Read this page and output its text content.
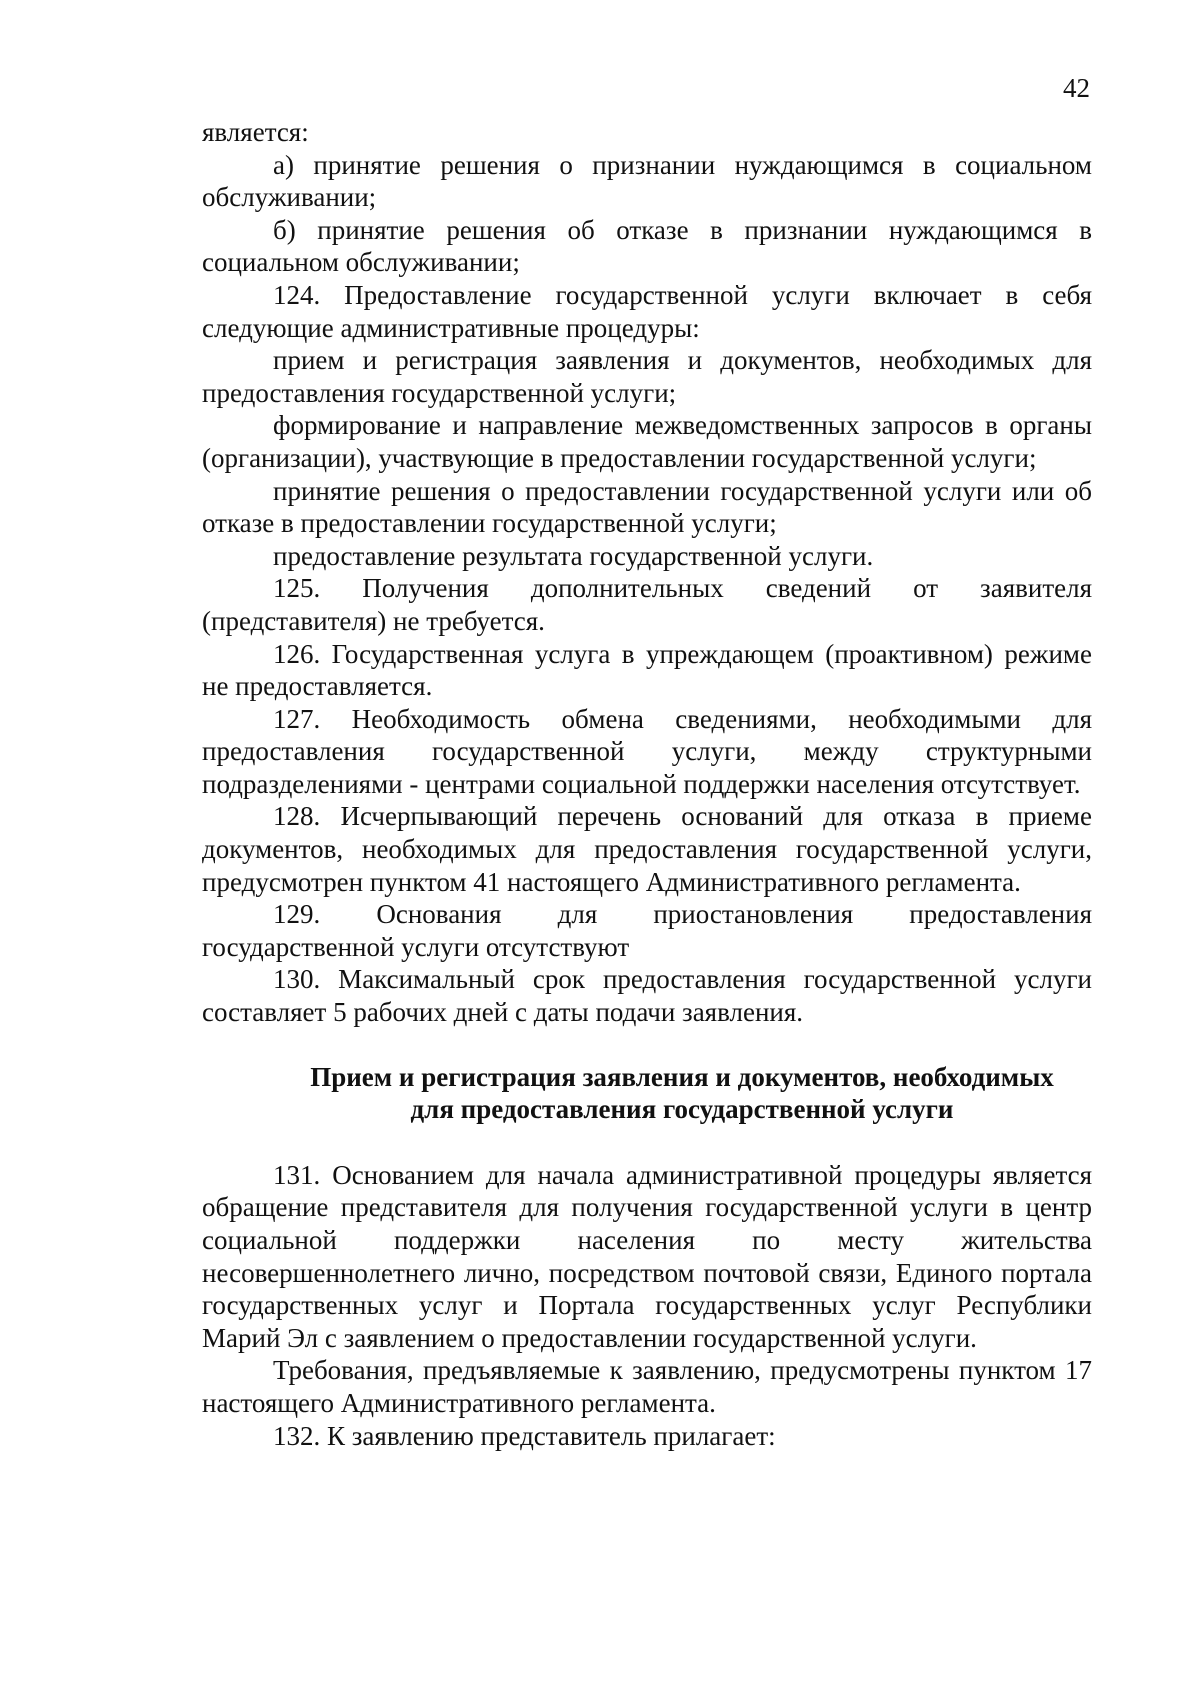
42

является:

а) принятие решения о признании нуждающимся в социальном обслуживании;

б) принятие решения об отказе в признании нуждающимся в социальном обслуживании;

124. Предоставление государственной услуги включает в себя следующие административные процедуры:

прием и регистрация заявления и документов, необходимых для предоставления государственной услуги;

формирование и направление межведомственных запросов в органы (организации), участвующие в предоставлении государственной услуги;

принятие решения о предоставлении государственной услуги или об отказе в предоставлении государственной услуги;

предоставление результата государственной услуги.

125. Получения дополнительных сведений от заявителя (представителя) не требуется.

126. Государственная услуга в упреждающем (проактивном) режиме не предоставляется.

127. Необходимость обмена сведениями, необходимыми для предоставления государственной услуги, между структурными подразделениями - центрами социальной поддержки населения отсутствует.

128. Исчерпывающий перечень оснований для отказа в приеме документов, необходимых для предоставления государственной услуги, предусмотрен пунктом 41 настоящего Административного регламента.

129. Основания для приостановления предоставления государственной услуги отсутствуют

130. Максимальный срок предоставления государственной услуги составляет 5 рабочих дней с даты подачи заявления.

Прием и регистрация заявления и документов, необходимых
для предоставления государственной услуги

131. Основанием для начала административной процедуры является обращение представителя для получения государственной услуги в центр социальной поддержки населения по месту жительства несовершеннолетнего лично, посредством почтовой связи, Единого портала государственных услуг и Портала государственных услуг Республики Марий Эл с заявлением о предоставлении государственной услуги.

Требования, предъявляемые к заявлению, предусмотрены пунктом 17 настоящего Административного регламента.

132. К заявлению представитель прилагает:
